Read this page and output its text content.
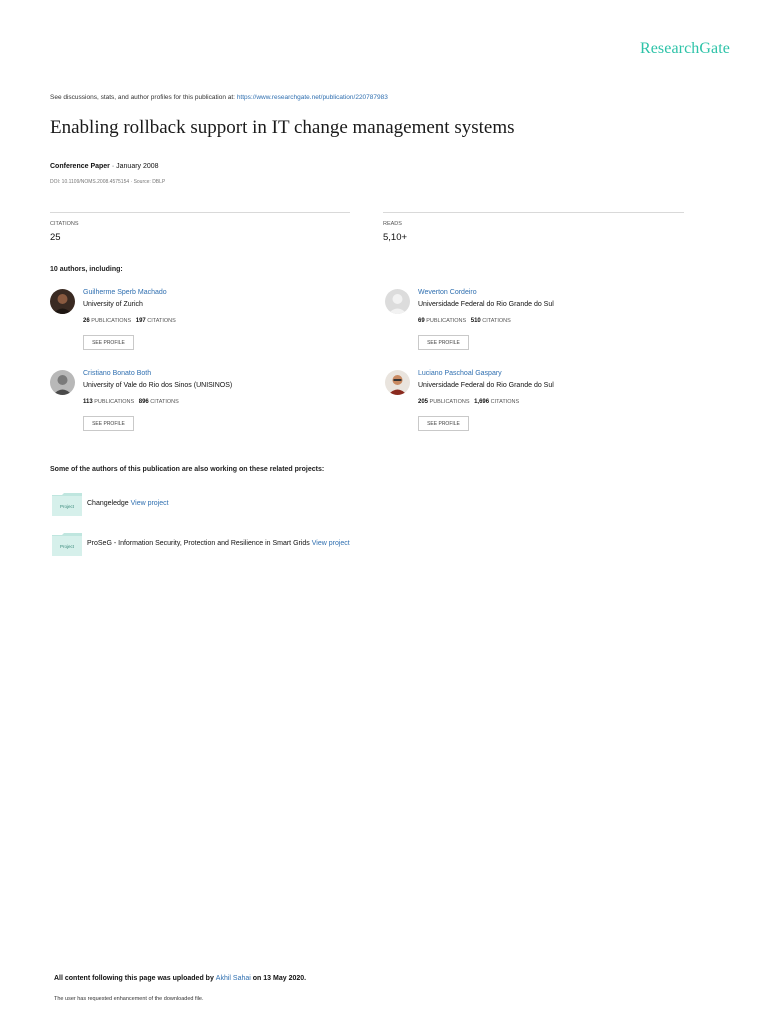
ResearchGate
See discussions, stats, and author profiles for this publication at: https://www.researchgate.net/publication/220787983
Enabling rollback support in IT change management systems
Conference Paper · January 2008
DOI: 10.1109/NOMS.2008.4575154 · Source: DBLP
CITATIONS
25
READS
5,10+
10 authors, including:
Guilherme Sperb Machado
University of Zurich
26 PUBLICATIONS 197 CITATIONS
SEE PROFILE
Weverton Cordeiro
Universidade Federal do Rio Grande do Sul
69 PUBLICATIONS 510 CITATIONS
SEE PROFILE
Cristiano Bonato Both
University of Vale do Rio dos Sinos (UNISINOS)
113 PUBLICATIONS 896 CITATIONS
SEE PROFILE
Luciano Paschoal Gaspary
Universidade Federal do Rio Grande do Sul
205 PUBLICATIONS 1,696 CITATIONS
SEE PROFILE
Some of the authors of this publication are also working on these related projects:
Project Changeledge View project
Project ProSeG - Information Security, Protection and Resilience in Smart Grids View project
All content following this page was uploaded by Akhil Sahai on 13 May 2020.
The user has requested enhancement of the downloaded file.
